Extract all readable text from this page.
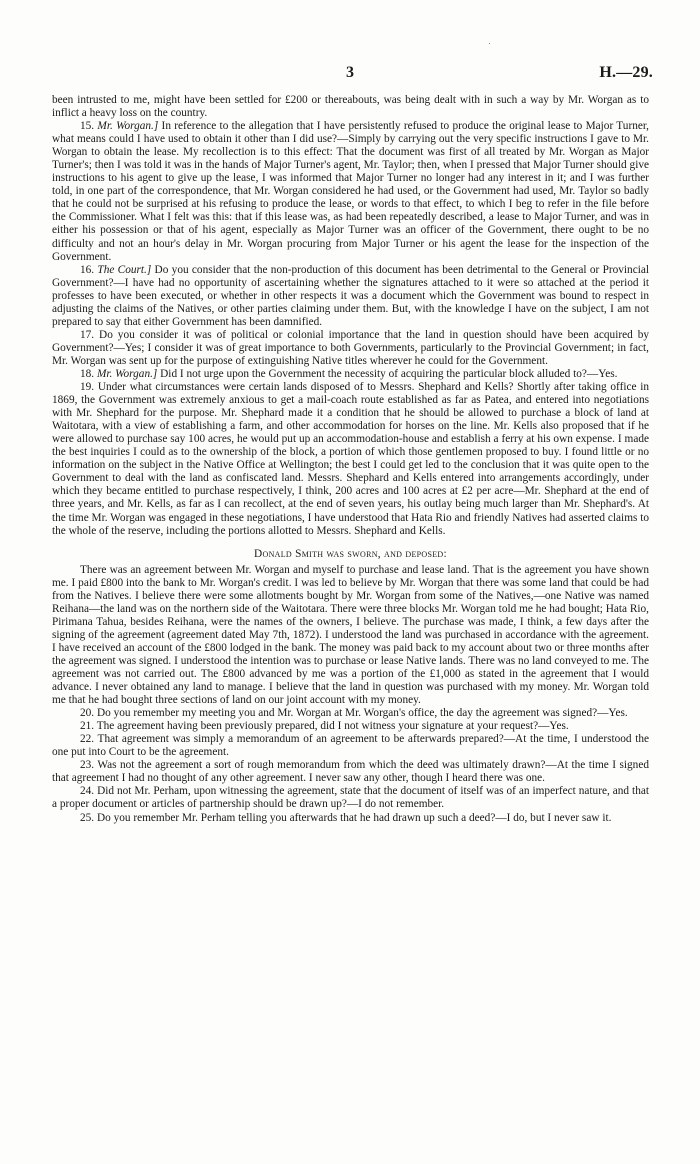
3	H.—29.

been intrusted to me, might have been settled for £200 or thereabouts, was being dealt with in such a way by Mr. Worgan as to inflict a heavy loss on the country.

15. Mr. Worgan.] In reference to the allegation that I have persistently refused to produce the original lease to Major Turner, what means could I have used to obtain it other than I did use?—Simply by carrying out the very specific instructions I gave to Mr. Worgan to obtain the lease. My recollection is to this effect: That the document was first of all treated by Mr. Worgan as Major Turner's; then I was told it was in the hands of Major Turner's agent, Mr. Taylor; then, when I pressed that Major Turner should give instructions to his agent to give up the lease, I was informed that Major Turner no longer had any interest in it; and I was further told, in one part of the correspondence, that Mr. Worgan considered he had used, or the Government had used, Mr. Taylor so badly that he could not be surprised at his refusing to produce the lease, or words to that effect, to which I beg to refer in the file before the Commissioner. What I felt was this: that if this lease was, as had been repeatedly described, a lease to Major Turner, and was in either his possession or that of his agent, especially as Major Turner was an officer of the Government, there ought to be no difficulty and not an hour's delay in Mr. Worgan procuring from Major Turner or his agent the lease for the inspection of the Government.

16. The Court.] Do you consider that the non-production of this document has been detrimental to the General or Provincial Government?—I have had no opportunity of ascertaining whether the signatures attached to it were so attached at the period it professes to have been executed, or whether in other respects it was a document which the Government was bound to respect in adjusting the claims of the Natives, or other parties claiming under them. But, with the knowledge I have on the subject, I am not prepared to say that either Government has been damnified.

17. Do you consider it was of political or colonial importance that the land in question should have been acquired by Government?—Yes; I consider it was of great importance to both Governments, particularly to the Provincial Government; in fact, Mr. Worgan was sent up for the purpose of extinguishing Native titles wherever he could for the Government.

18. Mr. Worgan.] Did I not urge upon the Government the necessity of acquiring the particular block alluded to?—Yes.

19. Under what circumstances were certain lands disposed of to Messrs. Shephard and Kells? Shortly after taking office in 1869, the Government was extremely anxious to get a mail-coach route established as far as Patea, and entered into negotiations with Mr. Shephard for the purpose. Mr. Shephard made it a condition that he should be allowed to purchase a block of land at Waitotara, with a view of establishing a farm, and other accommodation for horses on the line. Mr. Kells also proposed that if he were allowed to purchase say 100 acres, he would put up an accommodation-house and establish a ferry at his own expense. I made the best inquiries I could as to the ownership of the block, a portion of which those gentlemen proposed to buy. I found little or no information on the subject in the Native Office at Wellington; the best I could get led to the conclusion that it was quite open to the Government to deal with the land as confiscated land. Messrs. Shephard and Kells entered into arrangements accordingly, under which they became entitled to purchase respectively, I think, 200 acres and 100 acres at £2 per acre—Mr. Shephard at the end of three years, and Mr. Kells, as far as I can recollect, at the end of seven years, his outlay being much larger than Mr. Shephard's. At the time Mr. Worgan was engaged in these negotiations, I have understood that Hata Rio and friendly Natives had asserted claims to the whole of the reserve, including the portions allotted to Messrs. Shephard and Kells.

Donald Smith was sworn, and deposed:

There was an agreement between Mr. Worgan and myself to purchase and lease land. That is the agreement you have shown me. I paid £800 into the bank to Mr. Worgan's credit. I was led to believe by Mr. Worgan that there was some land that could be had from the Natives. I believe there were some allotments bought by Mr. Worgan from some of the Natives,—one Native was named Reihana—the land was on the northern side of the Waitotara. There were three blocks Mr. Worgan told me he had bought; Hata Rio, Pirimana Tahua, besides Reihana, were the names of the owners, I believe. The purchase was made, I think, a few days after the signing of the agreement (agreement dated May 7th, 1872). I understood the land was purchased in accordance with the agreement. I have received an account of the £800 lodged in the bank. The money was paid back to my account about two or three months after the agreement was signed. I understood the intention was to purchase or lease Native lands. There was no land conveyed to me. The agreement was not carried out. The £800 advanced by me was a portion of the £1,000 as stated in the agreement that I would advance. I never obtained any land to manage. I believe that the land in question was purchased with my money. Mr. Worgan told me that he had bought three sections of land on our joint account with my money.

20. Do you remember my meeting you and Mr. Worgan at Mr. Worgan's office, the day the agreement was signed?—Yes.

21. The agreement having been previously prepared, did I not witness your signature at your request?—Yes.

22. That agreement was simply a memorandum of an agreement to be afterwards prepared?—At the time, I understood the one put into Court to be the agreement.

23. Was not the agreement a sort of rough memorandum from which the deed was ultimately drawn?—At the time I signed that agreement I had no thought of any other agreement. I never saw any other, though I heard there was one.

24. Did not Mr. Perham, upon witnessing the agreement, state that the document of itself was of an imperfect nature, and that a proper document or articles of partnership should be drawn up?—I do not remember.

25. Do you remember Mr. Perham telling you afterwards that he had drawn up such a deed?—I do, but I never saw it.
